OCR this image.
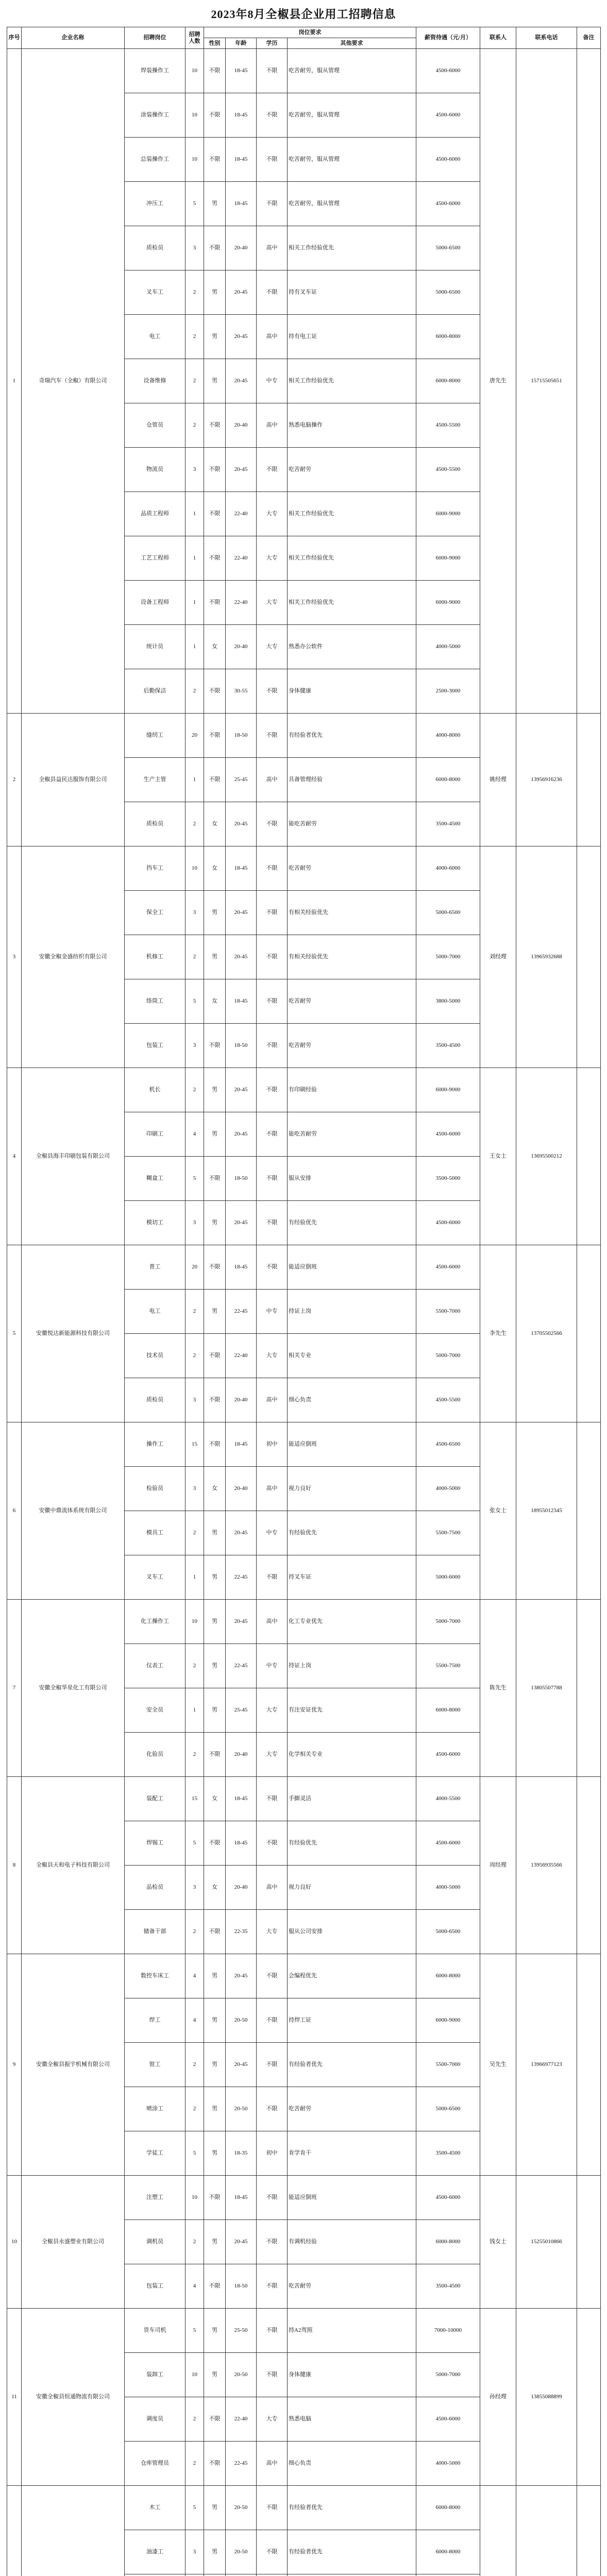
2023年8月全椒县企业用工招聘信息
序号	企业名称	招聘岗位	招聘人数	岗位要求				薪资待遇（元/月）	联系人	联系电话	备注
				性别	年龄	学历	其他要求				
1	奇瑞汽车（全椒）有限公司	焊装操作工	10	不限	18-45	不限	吃苦耐劳，服从管理	4500-6000	唐先生	15715505651	
		涂装操作工	10	不限	18-45	不限	吃苦耐劳，服从管理	4500-6000			
		总装操作工	10	不限	18-45	不限	吃苦耐劳，服从管理	4500-6000			
		冲压工	5	男	18-45	不限	吃苦耐劳，服从管理	4500-6000			
		质检员	3	不限	20-40	高中	相关工作经验优先	5000-6500			
		叉车工	2	男	20-45	不限	持有叉车证	5000-6500			
		电工	2	男	20-45	高中	持有电工证	6000-8000			
		设备维修	2	男	20-45	中专	相关工作经验优先	6000-8000			
		仓管员	2	不限	20-40	高中	熟悉电脑操作	4500-5500			
		物流员	3	不限	20-45	不限	吃苦耐劳	4500-5500			
		品质工程师	1	不限	22-40	大专	相关工作经验优先	6000-9000			
		工艺工程师	1	不限	22-40	大专	相关工作经验优先	6000-9000			
		设备工程师	1	不限	22-40	大专	相关工作经验优先	6000-9000			
		统计员	1	女	20-40	大专	熟悉办公软件	4000-5000			
		后勤保洁	2	不限	30-55	不限	身体健康	2500-3000			
2	全椒县益民达服饰有限公司	缝纫工	20	不限	18-50	不限	有经验者优先	4000-8000	姚经理	13956916236	
		生产主管	1	不限	25-45	高中	具备管理经验	6000-8000			
		质检员	2	女	20-45	不限	能吃苦耐劳	3500-4500			
3	安徽全椒金盛纺织有限公司	挡车工	10	女	18-45	不限	吃苦耐劳	4000-6000	刘经理	13965932688	
		保全工	3	男	20-45	不限	有相关经验优先	5000-6500			
		机修工	2	男	20-45	不限	有相关经验优先	5000-7000			
		络筒工	5	女	18-45	不限	吃苦耐劳	3800-5000			
		包装工	3	不限	18-50	不限	吃苦耐劳	3500-4500			
4	全椒县海丰印刷包装有限公司	机长	2	男	20-45	不限	有印刷经验	6000-9000	王女士	13695500212	
		印刷工	4	男	20-45	不限	能吃苦耐劳	4500-6000			
		糊盒工	5	不限	18-50	不限	服从安排	3500-5000			
		模切工	3	男	20-45	不限	有经验优先	4500-6000			
5	安徽悦达新能源科技有限公司	普工	20	不限	18-45	不限	能适应倒班	4500-6000	李先生	13705502566	
		电工	2	男	22-45	中专	持证上岗	5500-7000			
		技术员	2	不限	22-40	大专	相关专业	5000-7000			
		质检员	3	不限	20-40	高中	细心负责	4500-5500			
6	安徽中鼎流体系统有限公司	操作工	15	不限	18-45	初中	能适应倒班	4500-6500	张女士	18955012345	
		检验员	3	女	20-40	高中	视力良好	4000-5000			
		模具工	2	男	20-45	中专	有经验优先	5500-7500			
		叉车工	1	男	22-45	不限	持叉车证	5000-6000			
7	安徽全椒华星化工有限公司	化工操作工	10	男	20-45	高中	化工专业优先	5000-7000	陈先生	13805507788	
		仪表工	2	男	22-45	中专	持证上岗	5500-7500			
		安全员	1	男	25-45	大专	有注安证优先	6000-8000			
		化验员	2	不限	20-40	大专	化学相关专业	4500-6000			
8	全椒县天和电子科技有限公司	装配工	15	女	18-45	不限	手脚灵活	4000-5500	周经理	13956935566	
		焊锡工	5	不限	18-45	不限	有经验优先	4500-6000			
		品检员	3	女	20-40	高中	视力良好	4000-5000			
		储备干部	2	不限	22-35	大专	服从公司安排	5000-6500			
9	安徽全椒县振宇机械有限公司	数控车床工	4	男	20-45	不限	会编程优先	6000-8000	吴先生	13966977123	
		焊工	4	男	20-50	不限	持焊工证	6000-9000			
		钳工	2	男	20-45	不限	有经验者优先	5500-7000			
		喷涂工	2	男	20-50	不限	吃苦耐劳	5000-6500			
		学徒工	5	男	18-35	初中	肯学肯干	3500-4500			
10	全椒县永盛塑业有限公司	注塑工	10	不限	18-45	不限	能适应倒班	4500-6000	钱女士	15255010866	
		调机员	2	男	20-45	不限	有调机经验	6000-8000			
		包装工	4	不限	18-50	不限	吃苦耐劳	3500-4500			
11	安徽全椒县恒通物流有限公司	货车司机	5	男	25-50	不限	持A2驾照	7000-10000	孙经理	13855088899	
		装卸工	10	男	20-50	不限	身体健康	5000-7000			
		调度员	2	不限	22-40	大专	熟悉电脑	4500-6000			
		仓库管理员	2	不限	22-45	高中	细心负责	4000-5000			
		木工	5	男	20-50	不限	有经验者优先	6000-8000			
		油漆工	3	男	20-50	不限	有经验者优先	6000-8000			
